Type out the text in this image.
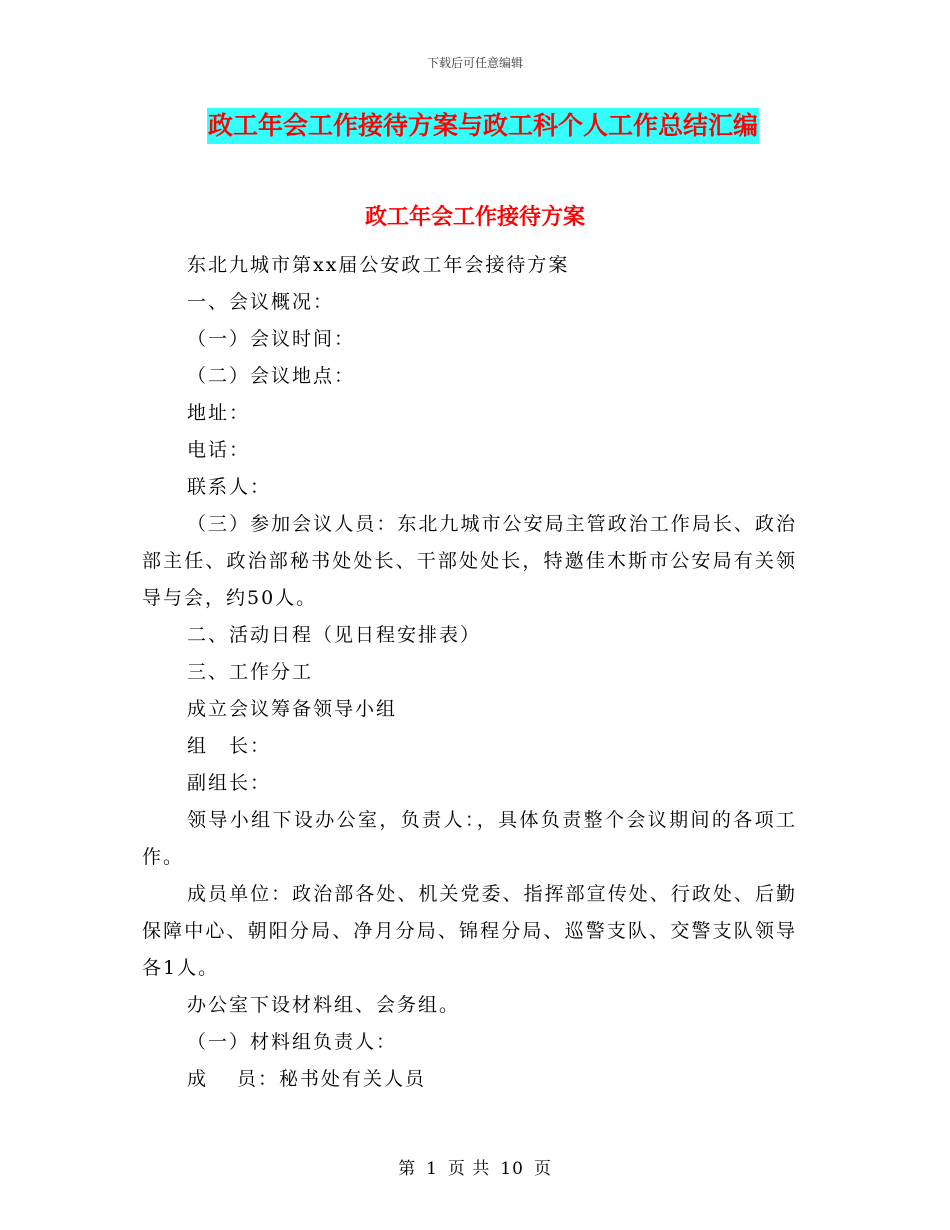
下载后可任意编辑
政工年会工作接待方案与政工科个人工作总结汇编
政工年会工作接待方案

东北九城市第xx届公安政工年会接待方案

一、会议概况：

（一）会议时间：

（二）会议地点：

地址：

电话：

联系人：

（三）参加会议人员：东北九城市公安局主管政治工作局长、政治部主任、政治部秘书处处长、干部处处长，特邀佳木斯市公安局有关领导与会，约50人。

二、活动日程（见日程安排表）

三、工作分工

成立会议筹备领导小组

组　长：

副组长：

领导小组下设办公室，负责人：，具体负责整个会议期间的各项工作。

成员单位：政治部各处、机关党委、指挥部宣传处、行政处、后勤保障中心、朝阳分局、净月分局、锦程分局、巡警支队、交警支队领导各1人。

办公室下设材料组、会务组。

（一）材料组负责人：

成　 员：秘书处有关人员

第 1 页 共 10 页
